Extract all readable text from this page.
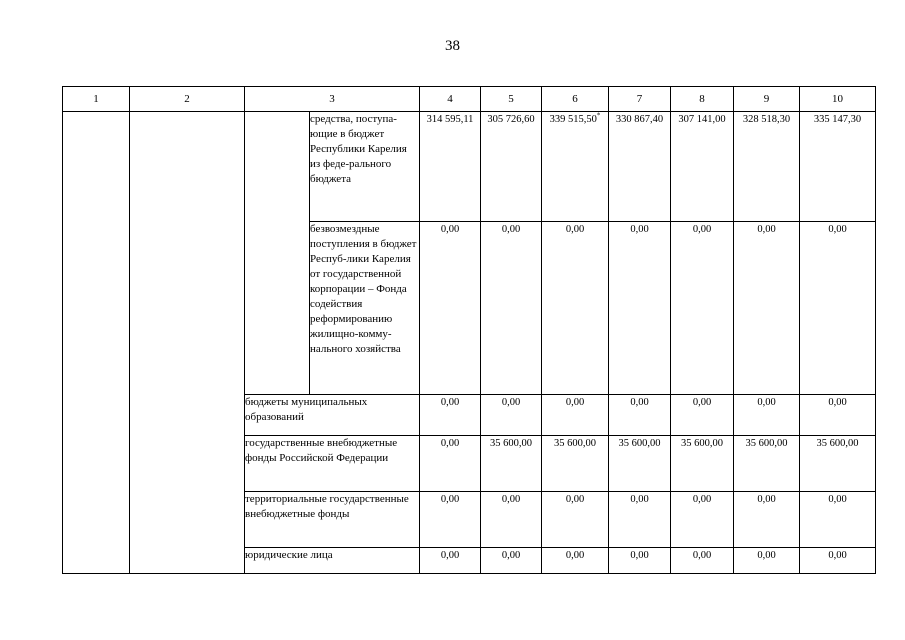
38
1	2	3		4	5	6	7	8	9	10
			средства, поступа-ющие в бюджет Республики Карелия из феде-рального бюджета	314 595,11	305 726,60	339 515,50*	330 867,40	307 141,00	328 518,30	335 147,30
			безвозмездные поступления в бюджет Респуб-лики Карелия от государственной корпорации – Фонда содействия реформированию жилищно-комму-нального хозяйства	0,00	0,00	0,00	0,00	0,00	0,00	0,00
		бюджеты муниципальных образований		0,00	0,00	0,00	0,00	0,00	0,00	0,00
		государственные внебюджетные фонды Российской Федерации		0,00	35 600,00	35 600,00	35 600,00	35 600,00	35 600,00	35 600,00
		территориальные государственные внебюджетные фонды		0,00	0,00	0,00	0,00	0,00	0,00	0,00
		юридические лица		0,00	0,00	0,00	0,00	0,00	0,00	0,00
